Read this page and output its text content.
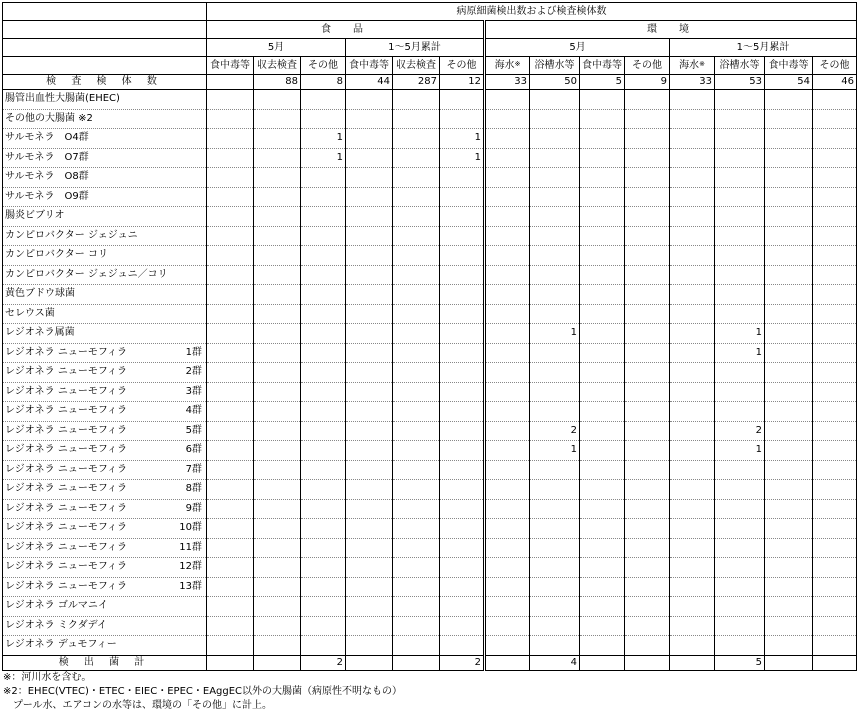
	病原細菌検出数および検査検体数													
	食　品						環　境							
	5月			1～5月累計			5月				1～5月累計			
	食中毒等	収去検査	その他	食中毒等	収去検査	その他	海水※	浴槽水等	食中毒等	その他	海水※	浴槽水等	食中毒等	その他
検 査 検 体 数		88	8	44	287	12	33	50	5	9	33	53	54	46
腸管出血性大腸菌(EHEC)														
その他の大腸菌 ※2														
サルモネラ　O4群			1			1								
サルモネラ　O7群			1			1								
サルモネラ　O8群														
サルモネラ　O9群														
腸炎ビブリオ														
カンピロバクター ジェジュニ														
カンピロバクター コリ														
カンピロバクター ジェジュニ／コリ														
黄色ブドウ球菌														
セレウス菌														
レジオネラ属菌								1				1		
レジオネラ ニューモフィラ 1群												1		
レジオネラ ニューモフィラ 2群														

レジオネラ ニューモフィラ 3群														

レジオネラ ニューモフィラ 4群														

レジオネラ ニューモフィラ 5群								2				2		
レジオネラ ニューモフィラ 6群								1				1		
レジオネラ ニューモフィラ 7群														

レジオネラ ニューモフィラ 8群														

レジオネラ ニューモフィラ 9群														

レジオネラ ニューモフィラ 10群														

レジオネラ ニューモフィラ 11群														

レジオネラ ニューモフィラ 12群														

レジオネラ ニューモフィラ 13群														

レジオネラ ゴルマニイ														
レジオネラ ミクダデイ														
レジオネラ デュモフィー														
検 出 菌 計			2			2		4				5		
※：河川水を含む。
※2：EHEC(VTEC)・ETEC・EIEC・EPEC・EAggEC以外の大腸菌（病原性不明なもの）
　プール水、エアコンの水等は、環境の「その他」に計上。
